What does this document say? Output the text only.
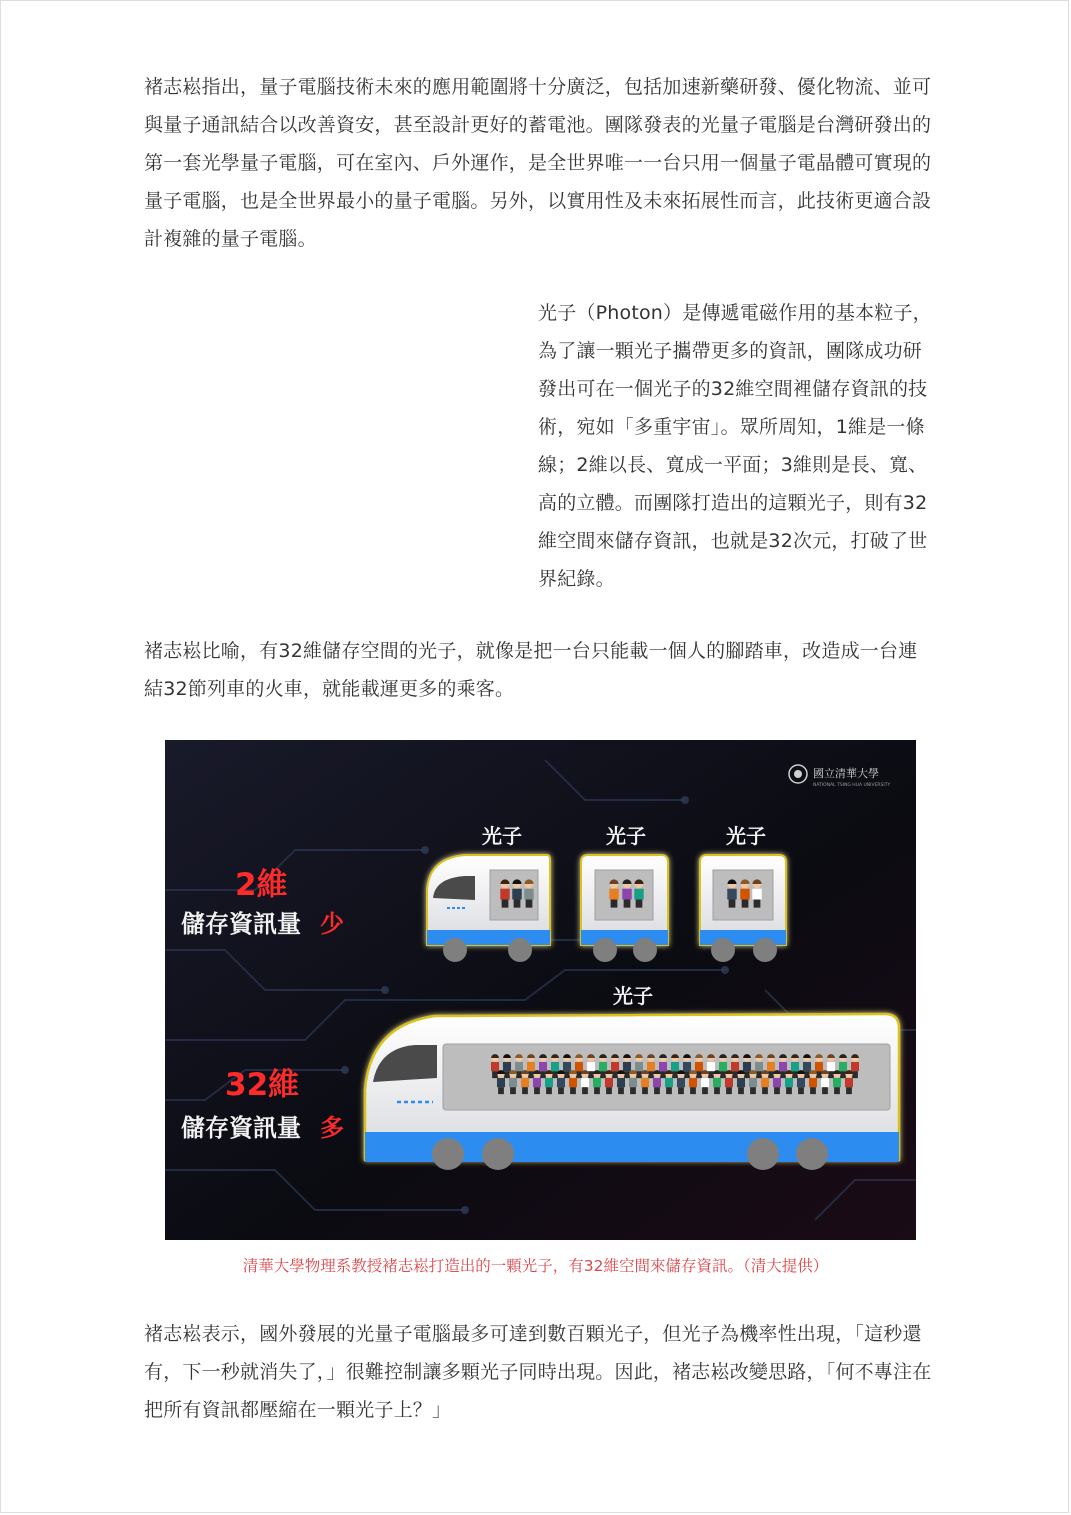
褚志崧指出，量子電腦技術未來的應用範圍將十分廣泛，包括加速新藥研發、優化物流、並可與量子通訊結合以改善資安，甚至設計更好的蓄電池。團隊發表的光量子電腦是台灣研發出的第一套光學量子電腦，可在室內、戶外運作，是全世界唯一一台只用一個量子電晶體可實現的量子電腦，也是全世界最小的量子電腦。另外，以實用性及未來拓展性而言，此技術更適合設計複雜的量子電腦。

光子（Photon）是傳遞電磁作用的基本粒子，為了讓一顆光子攜帶更多的資訊，團隊成功研發出可在一個光子的32維空間裡儲存資訊的技術，宛如「多重宇宙」。眾所周知，1維是一條線；2維以長、寬成一平面；3維則是長、寬、高的立體。而團隊打造出的這顆光子，則有32維空間來儲存資訊，也就是32次元，打破了世界紀錄。

褚志崧比喻，有32維儲存空間的光子，就像是把一台只能載一個人的腳踏車，改造成一台連結32節列車的火車，就能載運更多的乘客。

國立清華大學
NATIONAL TSING HUA UNIVERSITY
光子	光子	光子
光子
2維
儲存資訊量 少
32維
儲存資訊量 多

清華大學物理系教授褚志崧打造出的一顆光子，有32維空間來儲存資訊。（清大提供）

褚志崧表示，國外發展的光量子電腦最多可達到數百顆光子，但光子為機率性出現，「這秒還有，下一秒就消失了，」很難控制讓多顆光子同時出現。因此，褚志崧改變思路，「何不專注在把所有資訊都壓縮在一顆光子上？」
